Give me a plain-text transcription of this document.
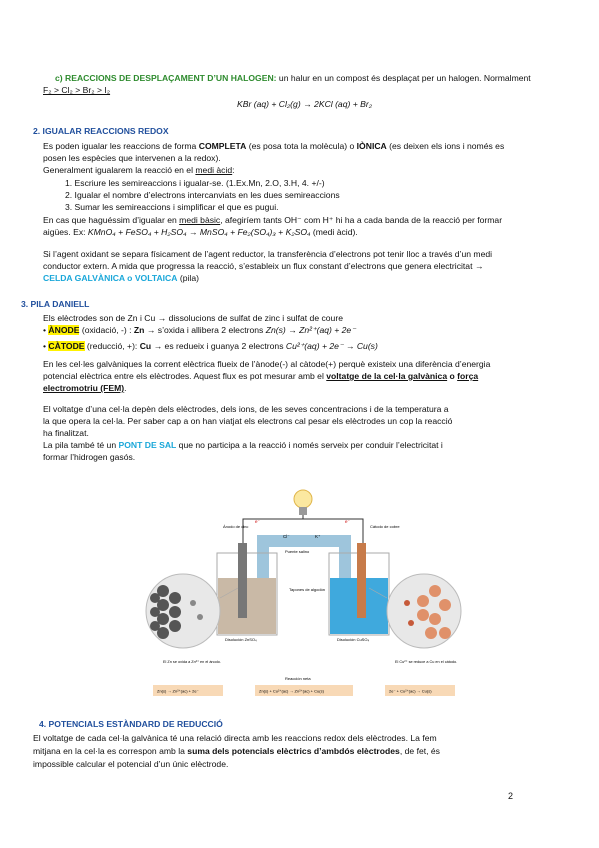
c) REACCIONS DE DESPLAÇAMENT D’UN HALOGEN: un halur en un compost és desplaçat per un halogen. Normalment
F₂ > Cl₂ > Br₂ > I₂
KBr (aq) + Cl₂(g) → 2KCl (aq) + Br₂
2. IGUALAR REACCIONS REDOX
Es poden igualar les reaccions de forma COMPLETA (es posa tota la molècula) o IÒNICA (es deixen els ions i només es
posen les espècies que intervenen a la redox).
Generalment igualarem la reacció en el medi àcid:
1. Escriure les semireaccions i igualar-se. (1.Ex.Mn, 2.O, 3.H, 4. +/-)
2. Igualar el nombre d’electrons intercanviats en les dues semireaccions
3. Sumar les semireaccions i simplificar el que es pugui.
En cas que haguéssim d’igualar en medi bàsic, afegiríem tants OH⁻ com H⁺ hi ha a cada banda de la reacció per formar
aigües. Ex: KMnO₄ + FeSO₄ + H₂SO₄ → MnSO₄ + Fe₂(SO₄)₃ + K₂SO₄ (medi àcid).
Si l’agent oxidant se separa físicament de l’agent reductor, la transferència d’electrons pot tenir lloc a través d’un medi
conductor extern. A mida que progressa la reacció, s’estableix un flux constant d’electrons que genera electricitat →
CELDA GALVÀNICA o VOLTAICA (pila)
3. PILA DANIELL
Els elèctrodes son de Zn i Cu → dissolucions de sulfat de zinc i sulfat de coure
• ÀNODE (oxidació, -) : Zn → s’oxida i allibera 2 electrons Zn(s) → Zn²⁺(aq) + 2e⁻
• CÀTODE (reducció, +): Cu → es redueix i guanya 2 electrons Cu²⁺(aq) + 2e⁻ → Cu(s)
En les cel·les galvàniques la corrent elèctrica flueix de l’ànode(-) al càtode(+) perquè existeix una diferència d’energia
potencial elèctrica entre els elèctrodes. Aquest flux es pot mesurar amb el voltatge de la cel·la galvànica o força
electromotriu (FEM).
El voltatge d’una cel·la depèn dels elèctrodes, dels ions, de les seves concentracions i de la temperatura a
la que opera la cel·la. Per saber cap a on han viatjat els electrons cal pesar els elèctrodes un cop la reacció
ha finalitzat.
La pila també té un PONT DE SAL que no participa a la reacció i només serveix per conduir l’electricitat i
formar l’hidrogen gasós.
Puente salino
Cl⁻	K⁺
Ánodo de cinc
Disolución ZnSO₄
e⁻
Cátodo de cobre
Disolución CuSO₄
e⁻
Tapones de algodón
El Zn se oxida a Zn²⁺ en el ánodo.	El Cu²⁺ se reduce a Cu en el cátodo.
Reacción neta
Zn(s) → Zn²⁺(ac) + 2e⁻	Zn(s) + Cu²⁺(ac) → Zn²⁺(ac) + Cu(s)	2e⁻ + Cu²⁺(ac) → Cu(s)
4. POTENCIALS ESTÀNDARD DE REDUCCIÓ
El voltatge de cada cel·la galvànica té una relació directa amb les reaccions redox dels elèctrodes. La fem
mitjana en la cel·la es correspon amb la suma dels potencials elèctrics d’ambdós elèctrodes, de fet, és
impossible calcular el potencial d’un únic elèctrode.
2
